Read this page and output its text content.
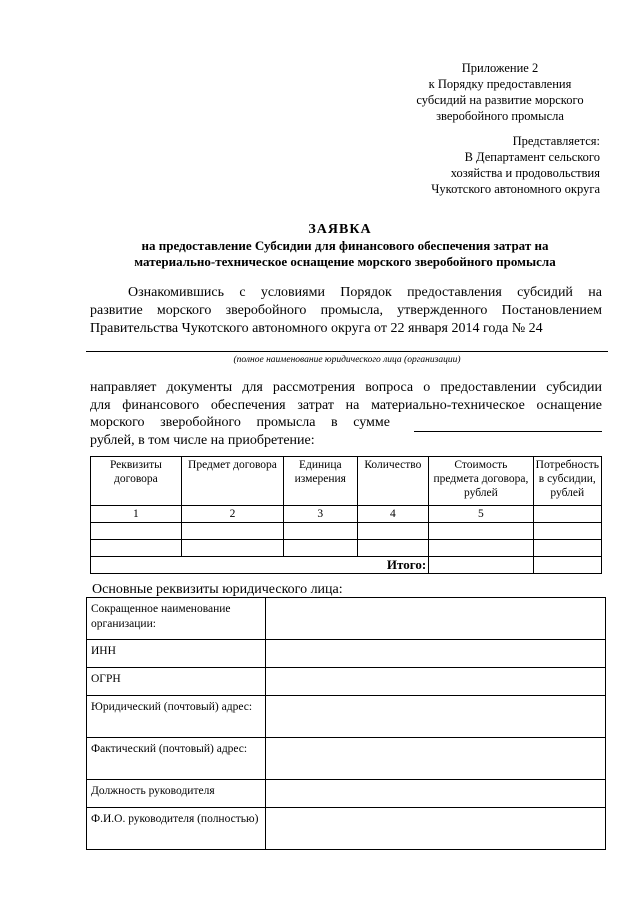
Приложение 2
к Порядку предоставления
субсидий на развитие морского
зверобойного промысла
Представляется:
В Департамент сельского
хозяйства и продовольствия
Чукотского автономного округа
ЗАЯВКА
на предоставление Субсидии для финансового обеспечения затрат на
материально-техническое оснащение морского зверобойного промысла
Ознакомившись с условиями Порядок предоставления субсидий на
развитие морского зверобойного промысла, утвержденного Постановлением
Правительства Чукотского автономного округа от 22 января 2014 года № 24
(полное наименование юридического лица (организации)
направляет документы для рассмотрения вопроса о предоставлении субсидии
для финансового обеспечения затрат на материально-техническое оснащение
морского зверобойного промысла в сумме
рублей, в том числе на приобретение:
Реквизиты договора	Предмет договора	Единица измерения	Количество	Стоимость предмета договора, рублей	Потребность в субсидии, рублей
1	2	3	4	5	

Итого:					
Основные реквизиты юридического лица:
Сокращенное наименование организации:	
ИНН	
ОГРН	
Юридический (почтовый) адрес:	
Фактический (почтовый) адрес:	
Должность руководителя	
Ф.И.О. руководителя (полностью)	
